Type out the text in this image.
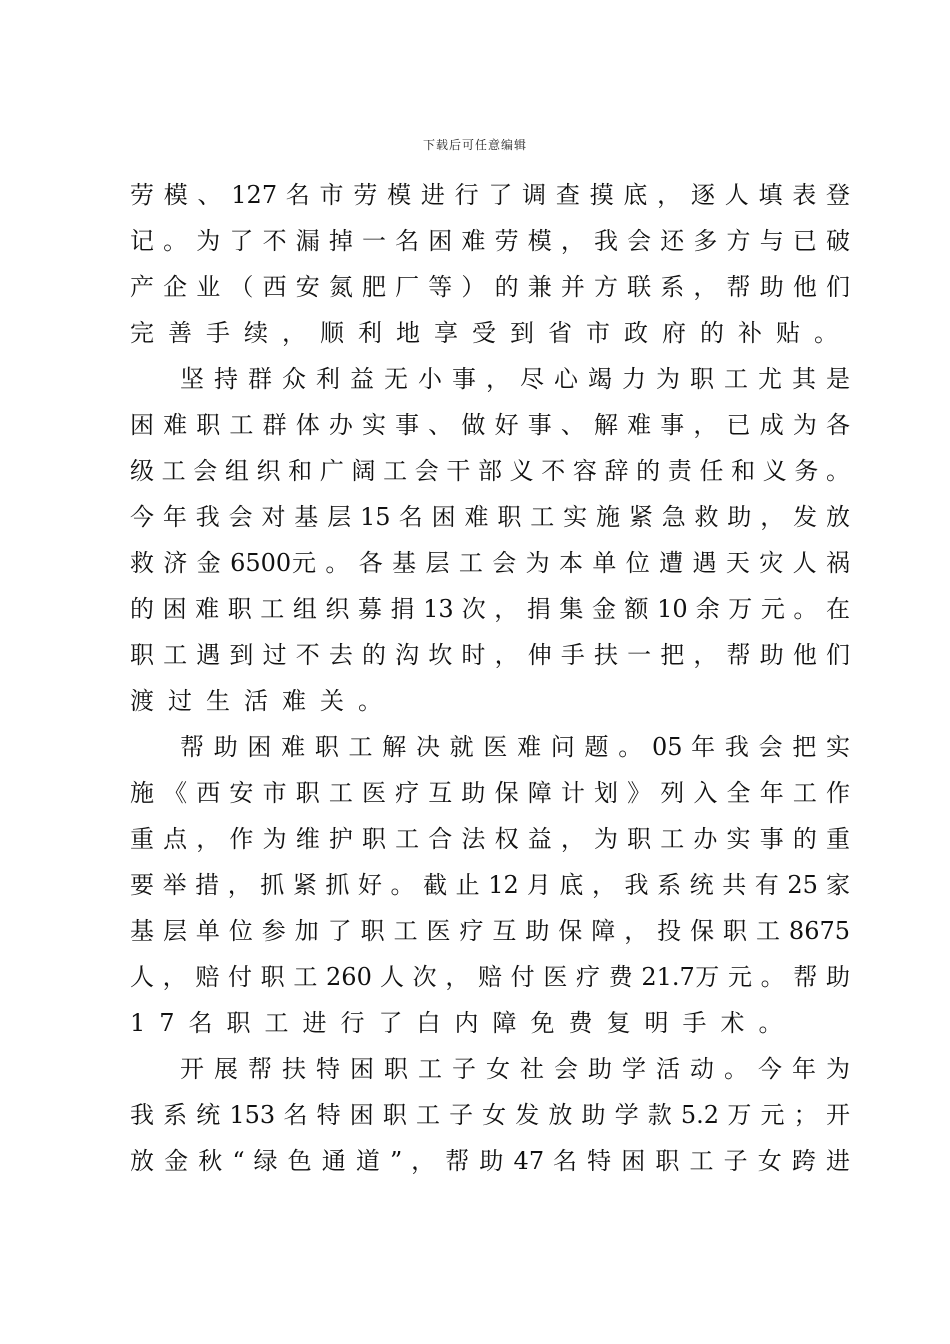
下载后可任意编辑
劳 模 、 127 名 市 劳 模 进 行 了 调 查 摸 底 ， 逐 人 填 表 登
记 。 为 了 不 漏 掉 一 名 困 难 劳 模 ， 我 会 还 多 方 与 已 破
产 企 业 （ 西 安 氮 肥 厂 等 ） 的 兼 并 方 联 系 ， 帮 助 他 们
完善手续，顺利地享受到省市政府的补贴。
坚 持 群 众 利 益 无 小 事 ， 尽 心 竭 力 为 职 工 尤 其 是
困 难 职 工 群 体 办 实 事 、 做 好 事 、 解 难 事 ， 已 成 为 各
级 工 会 组 织 和 广 阔 工 会 干 部 义 不 容 辞 的 责 任 和 义 务 。
今 年 我 会 对 基 层 15 名 困 难 职 工 实 施 紧 急 救 助 ， 发 放
救 济 金 6500元 。 各 基 层 工 会 为 本 单 位 遭 遇 天 灾 人 祸
的 困 难 职 工 组 织 募 捐 13 次 ， 捐 集 金 额 10 余 万 元 。 在
职 工 遇 到 过 不 去 的 沟 坎 时 ， 伸 手 扶 一 把 ， 帮 助 他 们
渡过生活难关。
帮 助 困 难 职 工 解 决 就 医 难 问 题 。 05 年 我 会 把 实
施 《 西 安 市 职 工 医 疗 互 助 保 障 计 划 》 列 入 全 年 工 作
重 点 ， 作 为 维 护 职 工 合 法 权 益 ， 为 职 工 办 实 事 的 重
要 举 措 ， 抓 紧 抓 好 。 截 止 12 月 底 ， 我 系 统 共 有 25 家
基 层 单 位 参 加 了 职 工 医 疗 互 助 保 障 ， 投 保 职 工 8675
人 ， 赔 付 职 工 260 人 次 ， 赔 付 医 疗 费 21.7万 元 。 帮 助
17名职工进行了白内障免费复明手术。
开 展 帮 扶 特 困 职 工 子 女 社 会 助 学 活 动 。 今 年 为
我 系 统 153 名 特 困 职 工 子 女 发 放 助 学 款 5.2 万 元 ； 开
放 金 秋 “ 绿 色 通 道 ” ， 帮 助 47 名 特 困 职 工 子 女 跨 进
